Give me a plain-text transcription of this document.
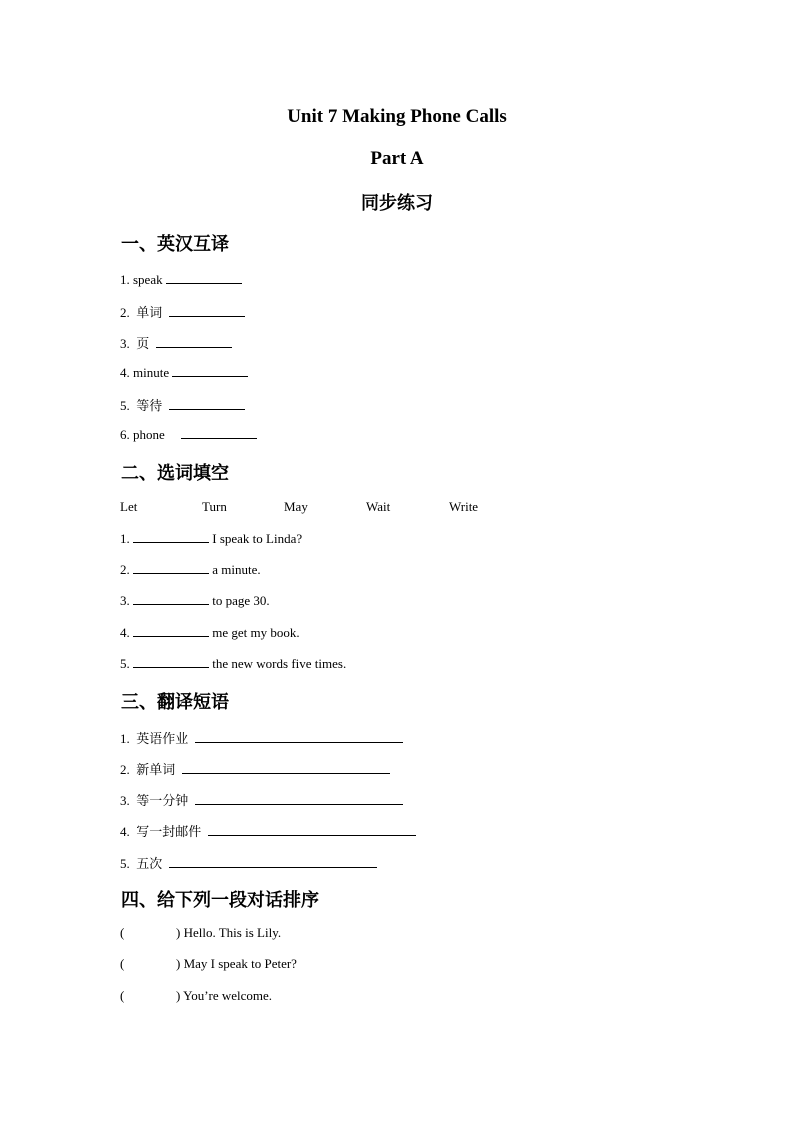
Unit 7 Making Phone Calls
Part A
同步练习
一、英汉互译
1. speak
2. 单词
3. 页
4. minute
5. 等待
6. phone
二、选词填空
Let	Turn	May	Wait	Write
1.	I speak to Linda?
2.	a minute.
3.	to page 30.
4.	me get my book.
5.	the new words five times.
三、翻译短语
1. 英语作业
2. 新单词
3. 等一分钟
4. 写一封邮件
5. 五次
四、给下列一段对话排序
(	) Hello. This is Lily.
(	) May I speak to Peter?
(	) You’re welcome.
